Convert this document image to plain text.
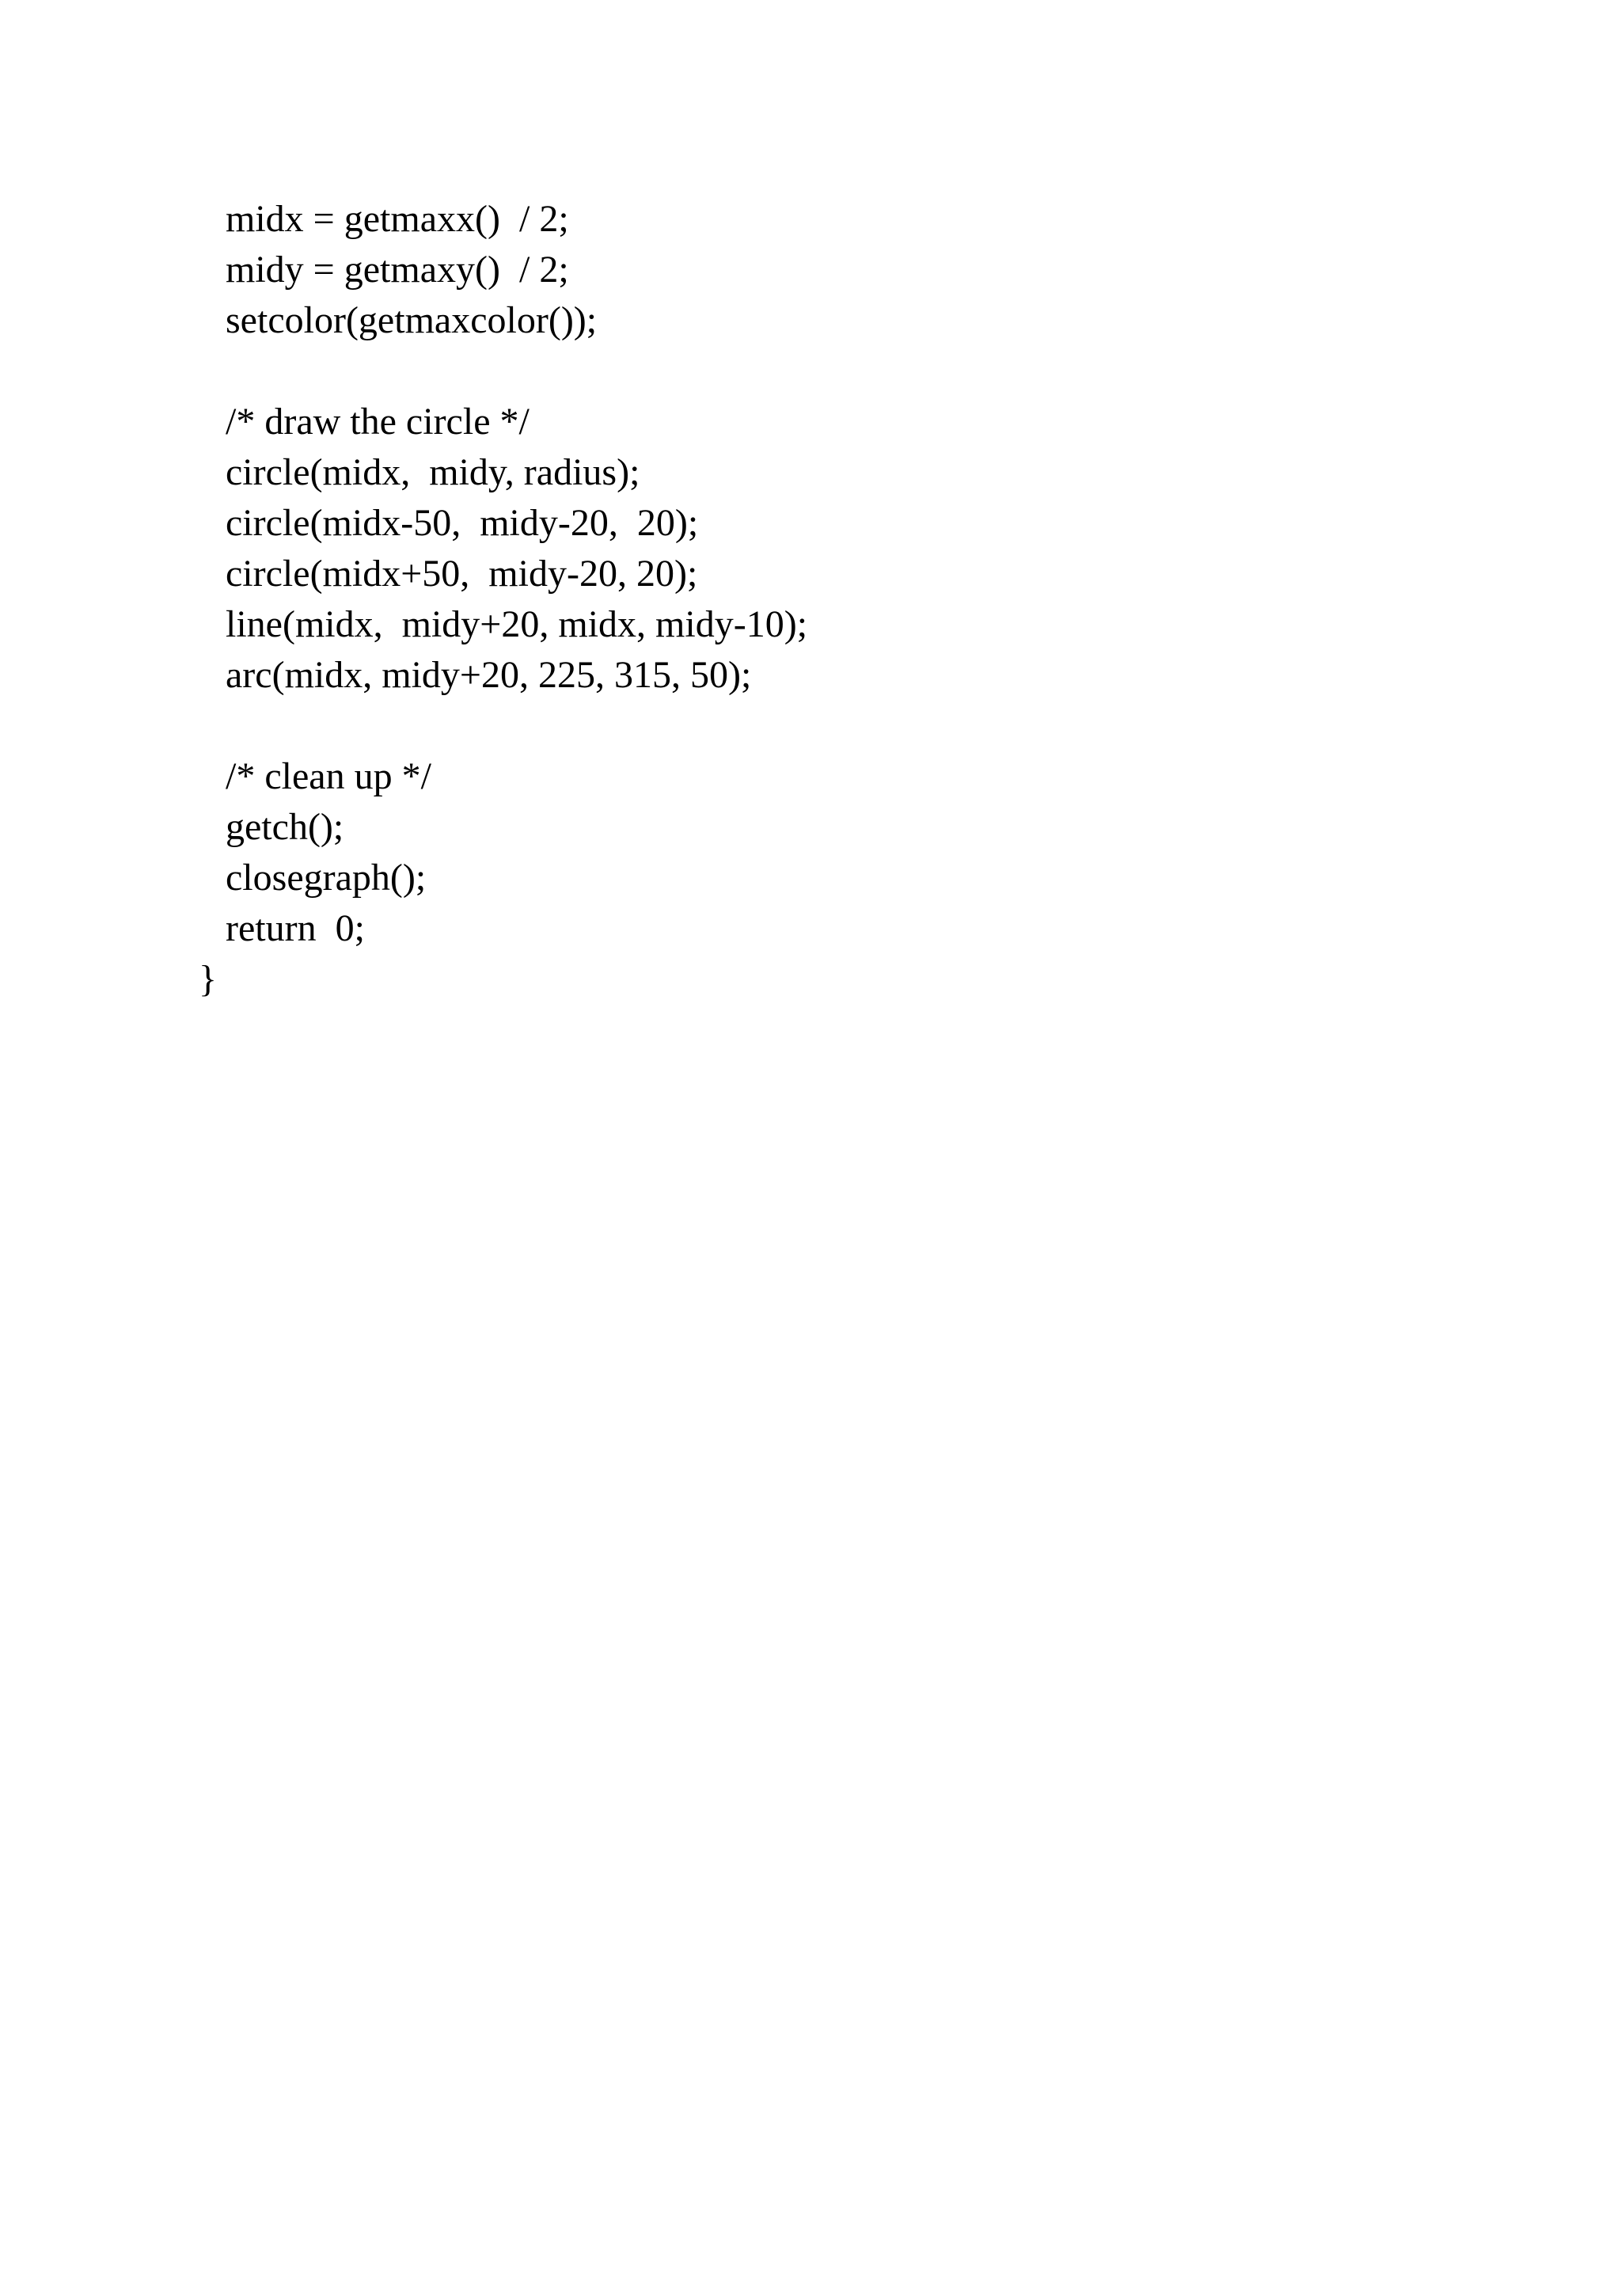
midx = getmaxx()  / 2;
midy = getmaxy()  / 2;
setcolor(getmaxcolor());
/* draw the circle */
circle(midx,  midy, radius);
circle(midx-50,  midy-20,  20);
circle(midx+50,  midy-20, 20);
line(midx,  midy+20, midx, midy-10);
arc(midx, midy+20, 225, 315, 50);
/* clean up */
getch();
closegraph();
return  0;
}
